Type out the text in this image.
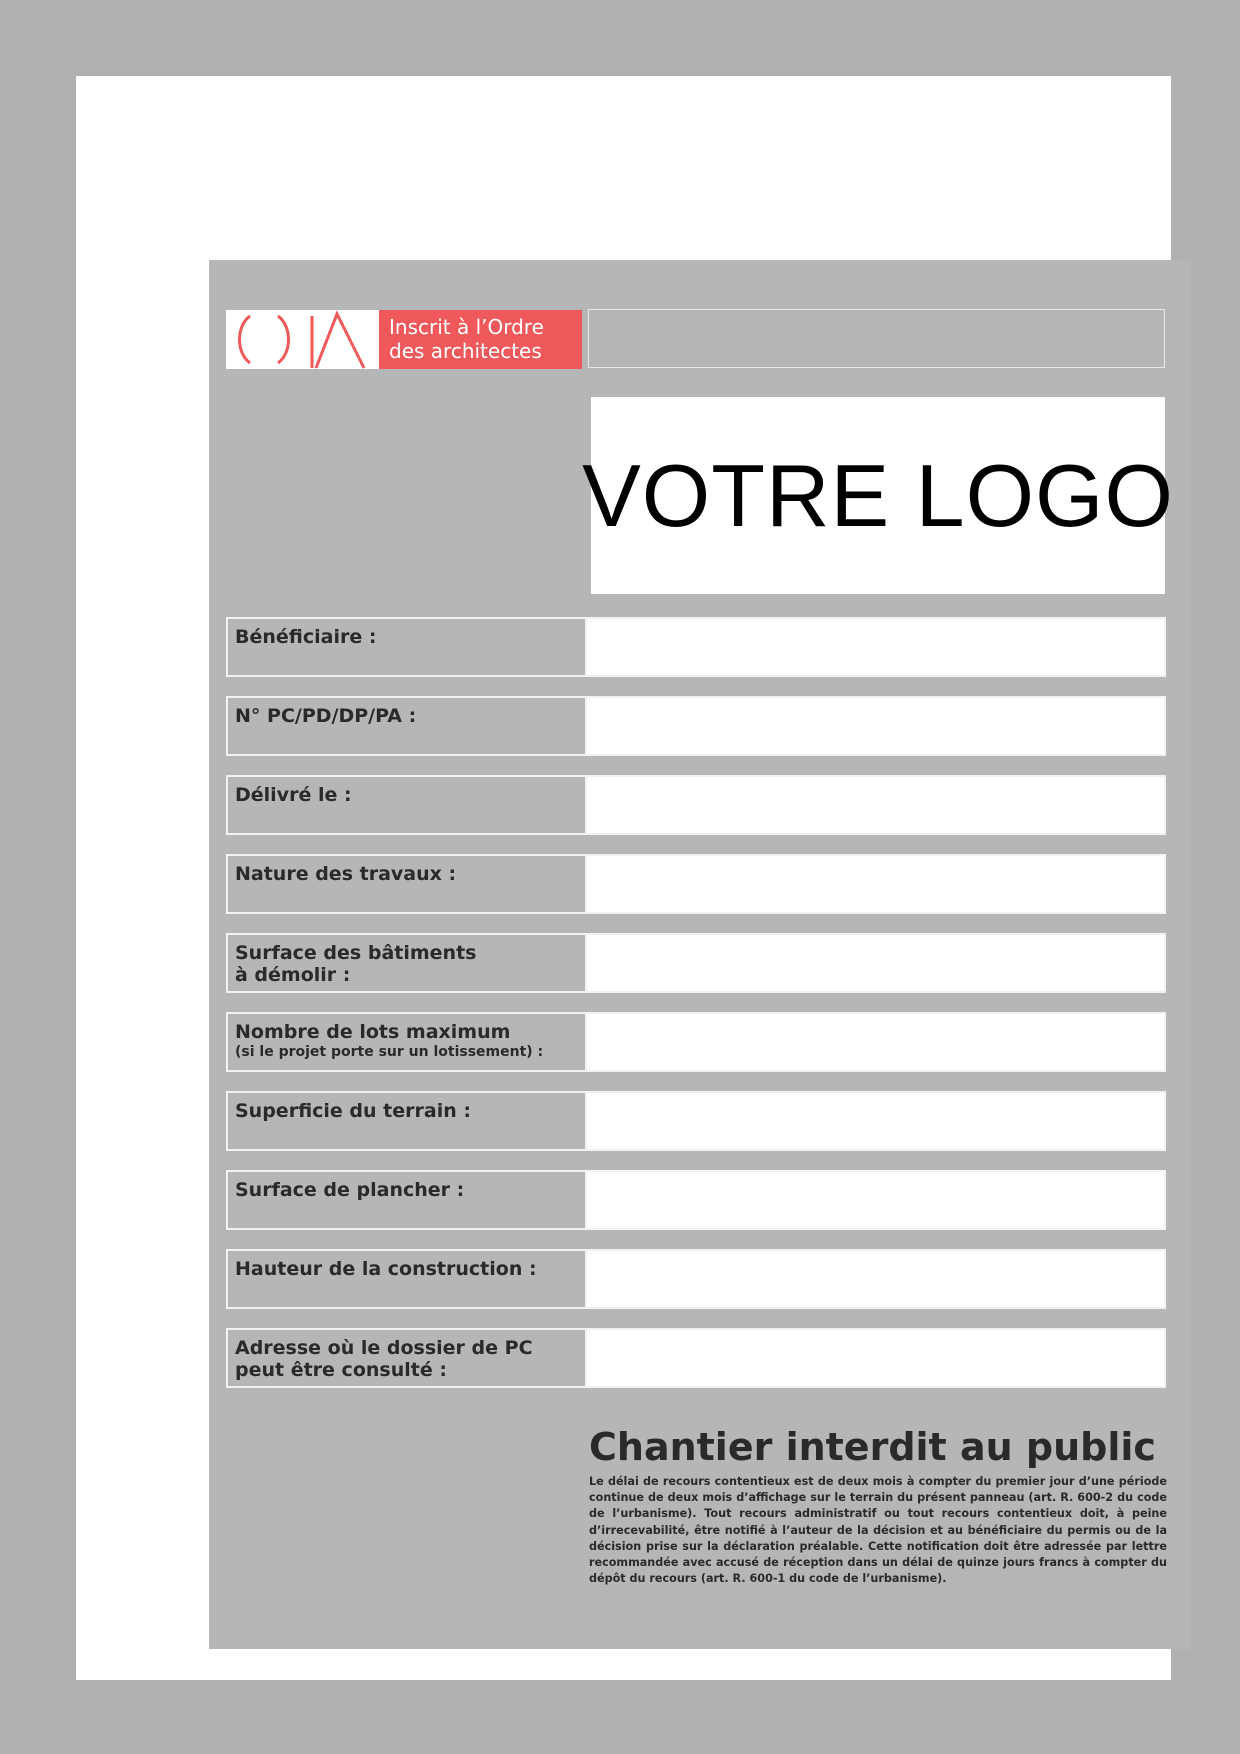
Inscrit à l’Ordre
des architectes
VOTRE LOGO
Bénéficiaire :
N° PC/PD/DP/PA :
Délivré le :
Nature des travaux :
Surface des bâtiments
à démolir :
Nombre de lots maximum
(si le projet porte sur un lotissement) :
Superficie du terrain :
Surface de plancher :
Hauteur de la construction :
Adresse où le dossier de PC
peut être consulté :
Chantier interdit au public
Le délai de recours contentieux est de deux mois à compter du premier jour d’une période continue de deux mois d’affichage sur le terrain du présent panneau (art. R. 600-2 du code de l’urbanisme). Tout recours administratif ou tout recours contentieux doit, à peine d’irrecevabilité, être notifié à l’auteur de la décision et au bénéficiaire du permis ou de la décision prise sur la déclaration préalable. Cette notification doit être adressée par lettre recommandée avec accusé de réception dans un délai de quinze jours francs à compter du dépôt du recours (art. R. 600-1 du code de l’urbanisme).
